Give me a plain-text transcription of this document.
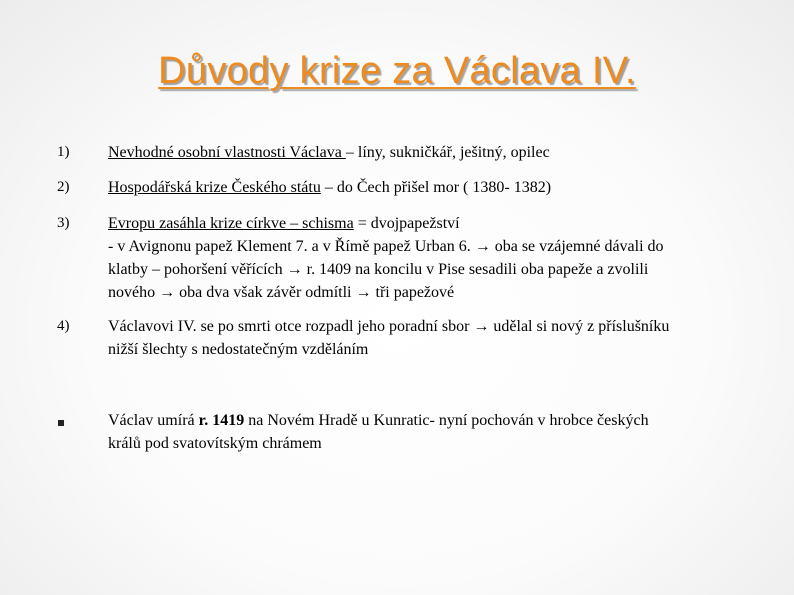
Důvody krize za Václava IV.
1) Nevhodné osobní vlastnosti Václava – líny, sukničkář, ješitný, opilec
2) Hospodářská krize Českého státu – do Čech přišel mor ( 1380- 1382)
3) Evropu zasáhla krize církve – schisma = dvojpapežství
- v Avignonu papež Klement 7. a v Římě papež Urban 6. → oba se vzájemné dávali do
klatby – pohoršení věřících → r. 1409 na koncilu v Pise sesadili oba papeže a zvolili
nového → oba dva však závěr odmítli → tři papežové
4) Václavovi IV. se po smrti otce rozpadl jeho poradní sbor → udělal si nový z příslušníku
nižší šlechty s nedostatečným vzděláním
Václav umírá r. 1419 na Novém Hradě u Kunratic- nyní pochován v hrobce českých
králů pod svatovítským chrámem
